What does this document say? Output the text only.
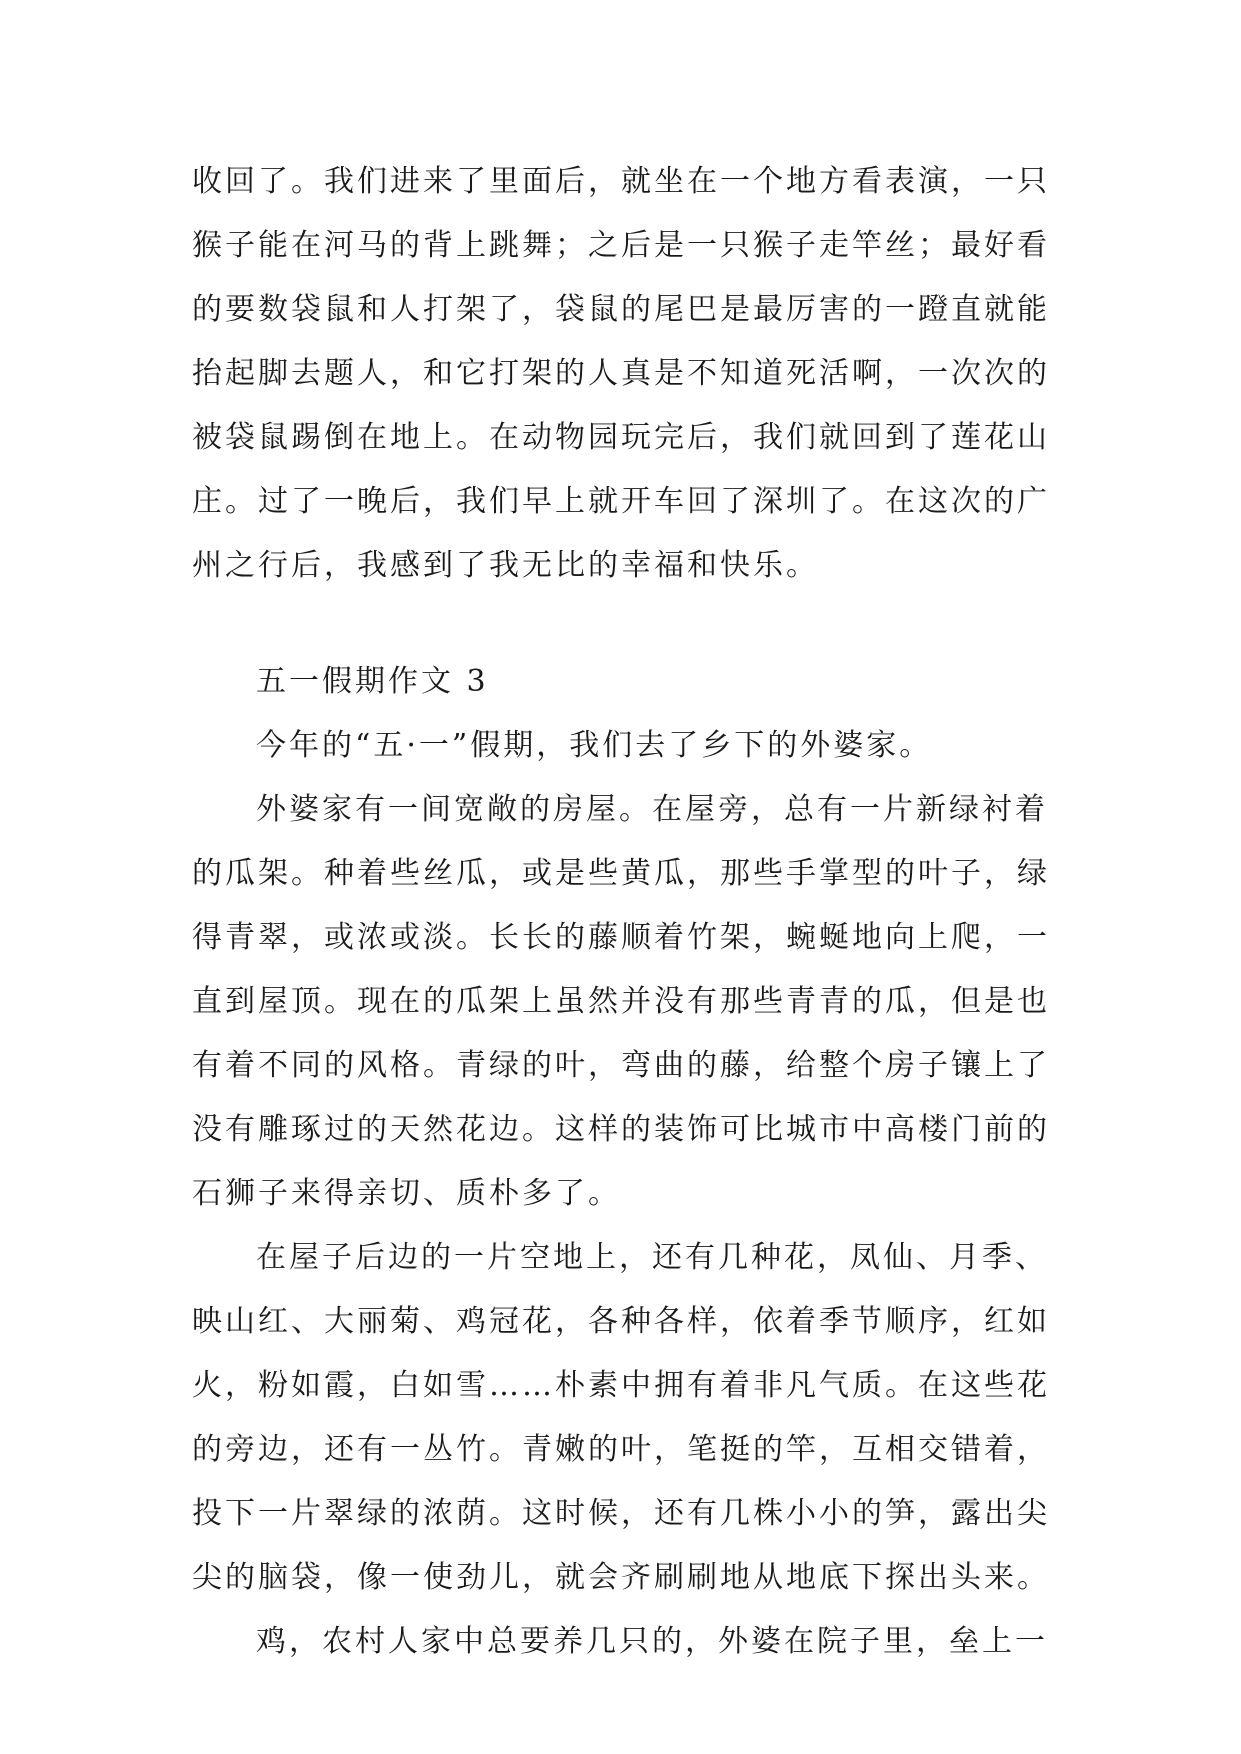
收回了。我们进来了里面后，就坐在一个地方看表演，一只
猴子能在河马的背上跳舞；之后是一只猴子走竿丝；最好看
的要数袋鼠和人打架了，袋鼠的尾巴是最厉害的一蹬直就能
抬起脚去题人，和它打架的人真是不知道死活啊，一次次的
被袋鼠踢倒在地上。在动物园玩完后，我们就回到了莲花山
庄。过了一晚后，我们早上就开车回了深圳了。在这次的广
州之行后，我感到了我无比的幸福和快乐。
五一假期作文 3
今年的“五·一”假期，我们去了乡下的外婆家。
外婆家有一间宽敞的房屋。在屋旁，总有一片新绿衬着
的瓜架。种着些丝瓜，或是些黄瓜，那些手掌型的叶子，绿
得青翠，或浓或淡。长长的藤顺着竹架，蜿蜒地向上爬，一
直到屋顶。现在的瓜架上虽然并没有那些青青的瓜，但是也
有着不同的风格。青绿的叶，弯曲的藤，给整个房子镶上了
没有雕琢过的天然花边。这样的装饰可比城市中高楼门前的
石狮子来得亲切、质朴多了。
在屋子后边的一片空地上，还有几种花，凤仙、月季、
映山红、大丽菊、鸡冠花，各种各样，依着季节顺序，红如
火，粉如霞，白如雪……朴素中拥有着非凡气质。在这些花
的旁边，还有一丛竹。青嫩的叶，笔挺的竿，互相交错着，
投下一片翠绿的浓荫。这时候，还有几株小小的笋，露出尖
尖的脑袋，像一使劲儿，就会齐刷刷地从地底下探出头来。
鸡，农村人家中总要养几只的，外婆在院子里，垒上一
